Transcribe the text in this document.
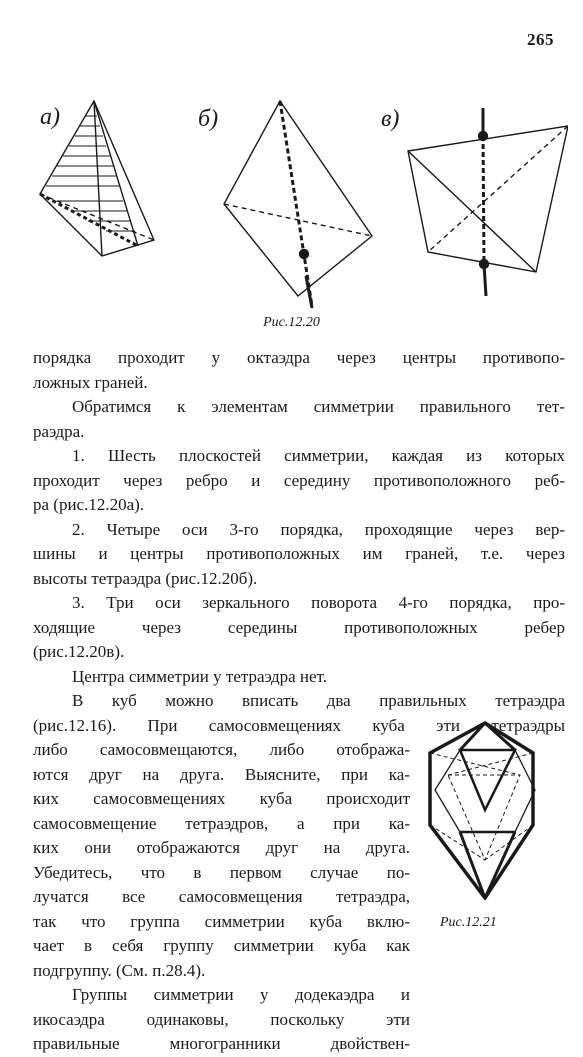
265
а)	б)	в)
Рис.12.20
Рис.12.21
порядка проходит у октаэдра через центры противопо-
ложных граней.
Обратимся к элементам симметрии правильного тет-
раэдра.
1. Шесть плоскостей симметрии, каждая из которых
проходит через ребро и середину противоположного реб-
ра (рис.12.20а).
2. Четыре оси 3-го порядка, проходящие через вер-
шины и центры противоположных им граней, т.е. через
высоты тетраэдра (рис.12.20б).
3. Три оси зеркального поворота 4-го порядка, про-
ходящие через середины противоположных ребер
(рис.12.20в).
Центра симметрии у тетраэдра нет.
В куб можно вписать два правильных тетраэдра
(рис.12.16). При самосовмещениях куба эти тетраэдры
либо самосовмещаются, либо отобража-
ются друг на друга. Выясните, при ка-
ких самосовмещениях куба происходит
самосовмещение тетраэдров, а при ка-
ких они отображаются друг на друга.
Убедитесь, что в первом случае по-
лучатся все самосовмещения тетраэдра,
так что группа симметрии куба вклю-
чает в себя группу симметрии куба как
подгруппу. (См. п.28.4).
Группы симметрии у додекаэдра и
икосаэдра одинаковы, поскольку эти
правильные многогранники двойствен-
